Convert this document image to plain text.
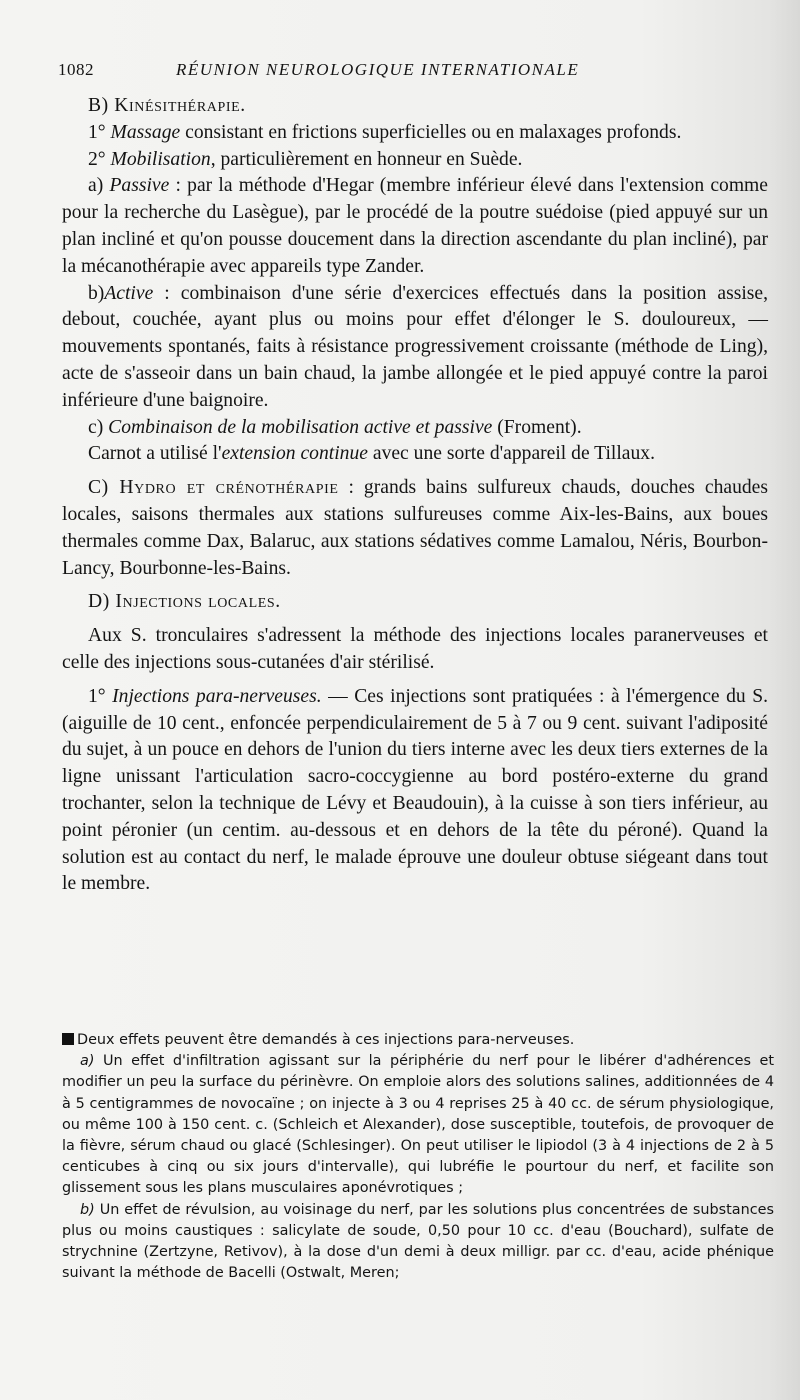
1082	RÉUNION NEUROLOGIQUE INTERNATIONALE

B) Kinésithérapie.

1° Massage consistant en frictions superficielles ou en malaxages profonds.

2° Mobilisation, particulièrement en honneur en Suède.

a) Passive : par la méthode d'Hegar (membre inférieur élevé dans l'extension comme pour la recherche du Lasègue), par le procédé de la poutre suédoise (pied appuyé sur un plan incliné et qu'on pousse doucement dans la direction ascendante du plan incliné), par la mécanothérapie avec appareils type Zander.

b)Active : combinaison d'une série d'exercices effectués dans la position assise, debout, couchée, ayant plus ou moins pour effet d'élonger le S. douloureux, — mouvements spontanés, faits à résistance progressivement croissante (méthode de Ling), acte de s'asseoir dans un bain chaud, la jambe allongée et le pied appuyé contre la paroi inférieure d'une baignoire.

c) Combinaison de la mobilisation active et passive (Froment).

Carnot a utilisé l'extension continue avec une sorte d'appareil de Tillaux.

C) Hydro et crénothérapie : grands bains sulfureux chauds, douches chaudes locales, saisons thermales aux stations sulfureuses comme Aix-les-Bains, aux boues thermales comme Dax, Balaruc, aux stations sédatives comme Lamalou, Néris, Bourbon-Lancy, Bourbonne-les-Bains.

D) Injections locales.

Aux S. tronculaires s'adressent la méthode des injections locales paranerveuses et celle des injections sous-cutanées d'air stérilisé.

1° Injections para-nerveuses. — Ces injections sont pratiquées : à l'émergence du S. (aiguille de 10 cent., enfoncée perpendiculairement de 5 à 7 ou 9 cent. suivant l'adiposité du sujet, à un pouce en dehors de l'union du tiers interne avec les deux tiers externes de la ligne unissant l'articulation sacro-coccygienne au bord postéro-externe du grand trochanter, selon la technique de Lévy et Beaudouin), à la cuisse à son tiers inférieur, au point péronier (un centim. au-dessous et en dehors de la tête du péroné). Quand la solution est au contact du nerf, le malade éprouve une douleur obtuse siégeant dans tout le membre.

Deux effets peuvent être demandés à ces injections para-nerveuses.

a) Un effet d'infiltration agissant sur la périphérie du nerf pour le libérer d'adhérences et modifier un peu la surface du périnèvre. On emploie alors des solutions salines, additionnées de 4 à 5 centigrammes de novocaïne ; on injecte à 3 ou 4 reprises 25 à 40 cc. de sérum physiologique, ou même 100 à 150 cent. c. (Schleich et Alexander), dose susceptible, toutefois, de provoquer de la fièvre, sérum chaud ou glacé (Schlesinger). On peut utiliser le lipiodol (3 à 4 injections de 2 à 5 centicubes à cinq ou six jours d'intervalle), qui lubréfie le pourtour du nerf, et facilite son glissement sous les plans musculaires aponévrotiques ;

b) Un effet de révulsion, au voisinage du nerf, par les solutions plus concentrées de substances plus ou moins caustiques : salicylate de soude, 0,50 pour 10 cc. d'eau (Bouchard), sulfate de strychnine (Zertzyne, Retivov), à la dose d'un demi à deux milligr. par cc. d'eau, acide phénique suivant la méthode de Bacelli (Ostwalt, Meren;
